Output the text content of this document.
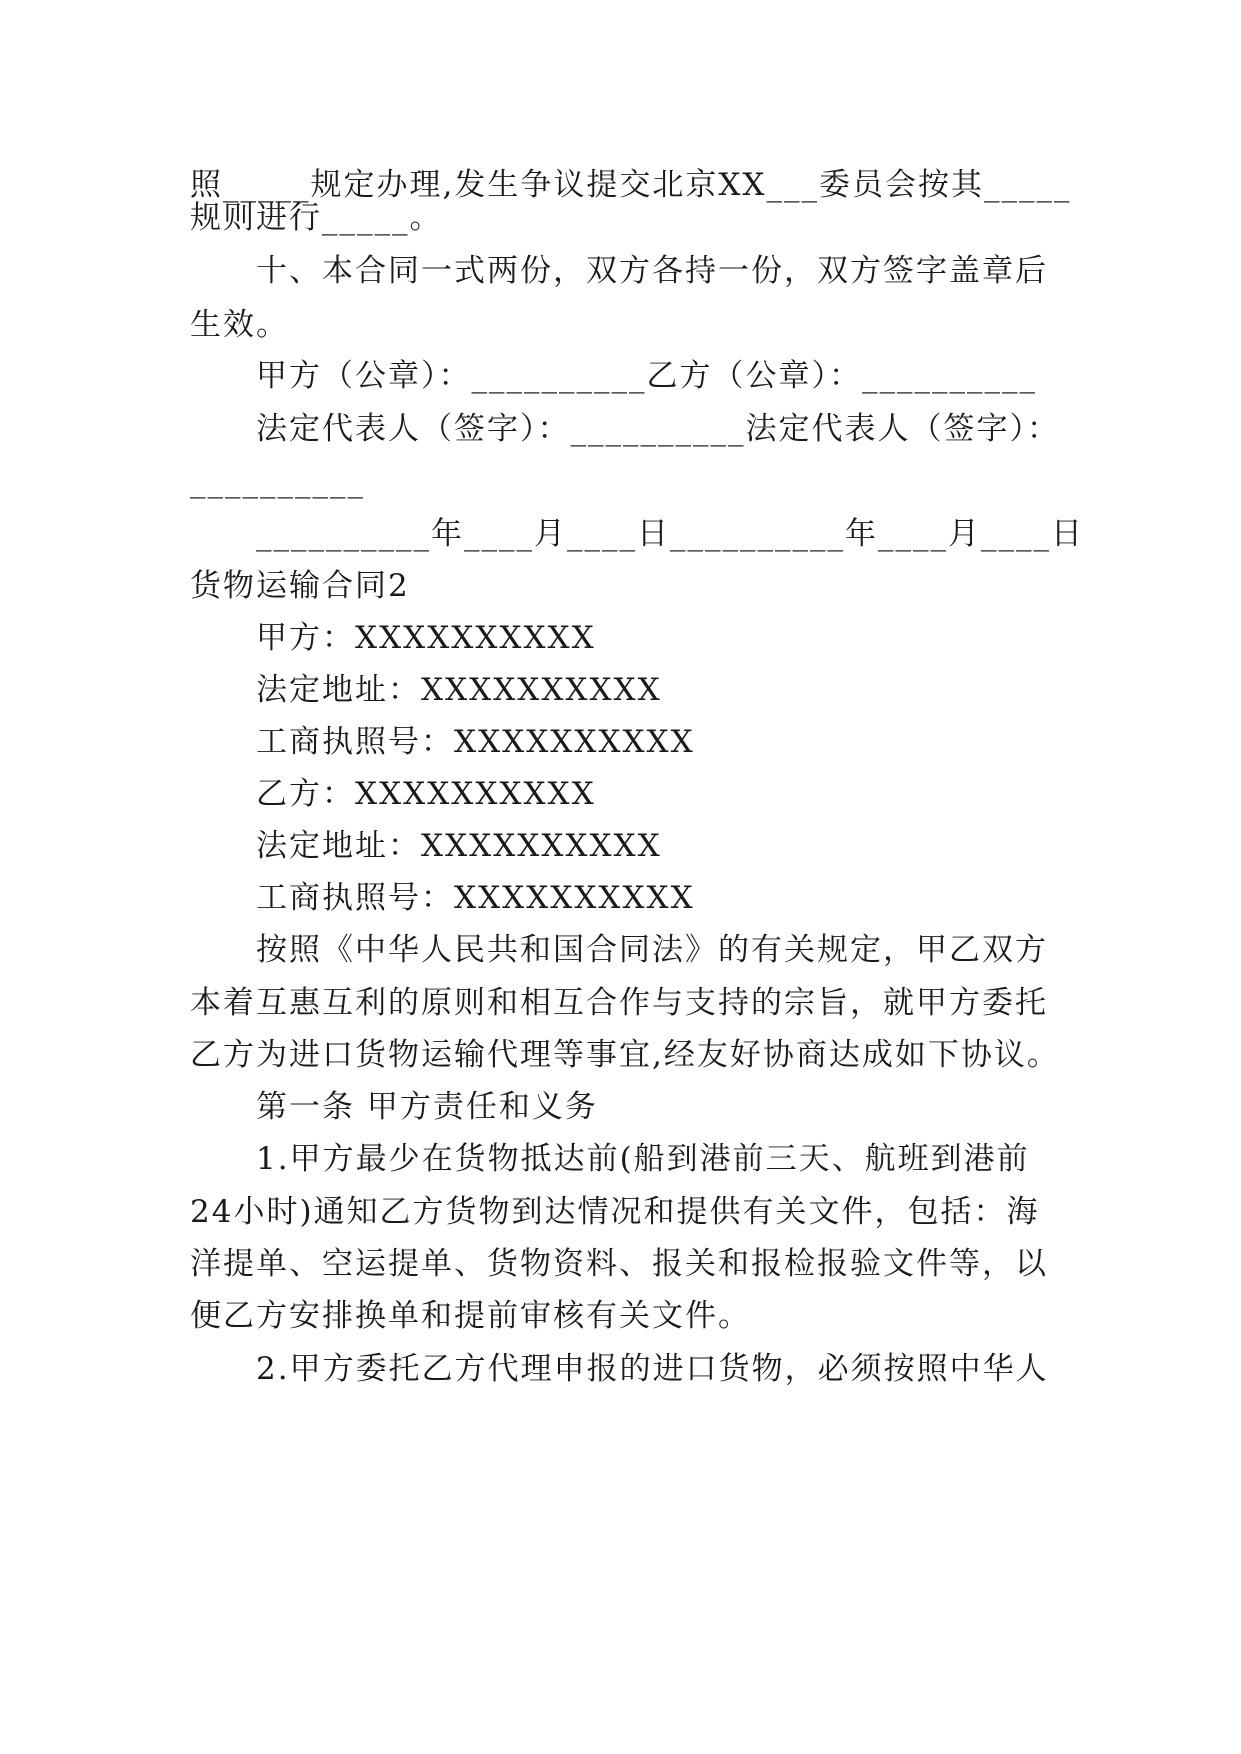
照_____规定办理,发生争议提交北京XX___委员会按其_____
规则进行_____。
十、本合同一式两份，双方各持一份，双方签字盖章后
生效。
甲方（公章）：__________乙方（公章）：__________
法定代表人（签字）：__________法定代表人（签字）：
__________
__________年____月____日__________年____月____日
货物运输合同2
甲方：XXXXXXXXXX
法定地址：XXXXXXXXXX
工商执照号：XXXXXXXXXX
乙方：XXXXXXXXXX
法定地址：XXXXXXXXXX
工商执照号：XXXXXXXXXX
按照《中华人民共和国合同法》的有关规定，甲乙双方
本着互惠互利的原则和相互合作与支持的宗旨，就甲方委托
乙方为进口货物运输代理等事宜,经友好协商达成如下协议。
第一条 甲方责任和义务
1.甲方最少在货物抵达前(船到港前三天、航班到港前
24小时)通知乙方货物到达情况和提供有关文件，包括：海
洋提单、空运提单、货物资料、报关和报检报验文件等，以
便乙方安排换单和提前审核有关文件。
2.甲方委托乙方代理申报的进口货物，必须按照中华人
